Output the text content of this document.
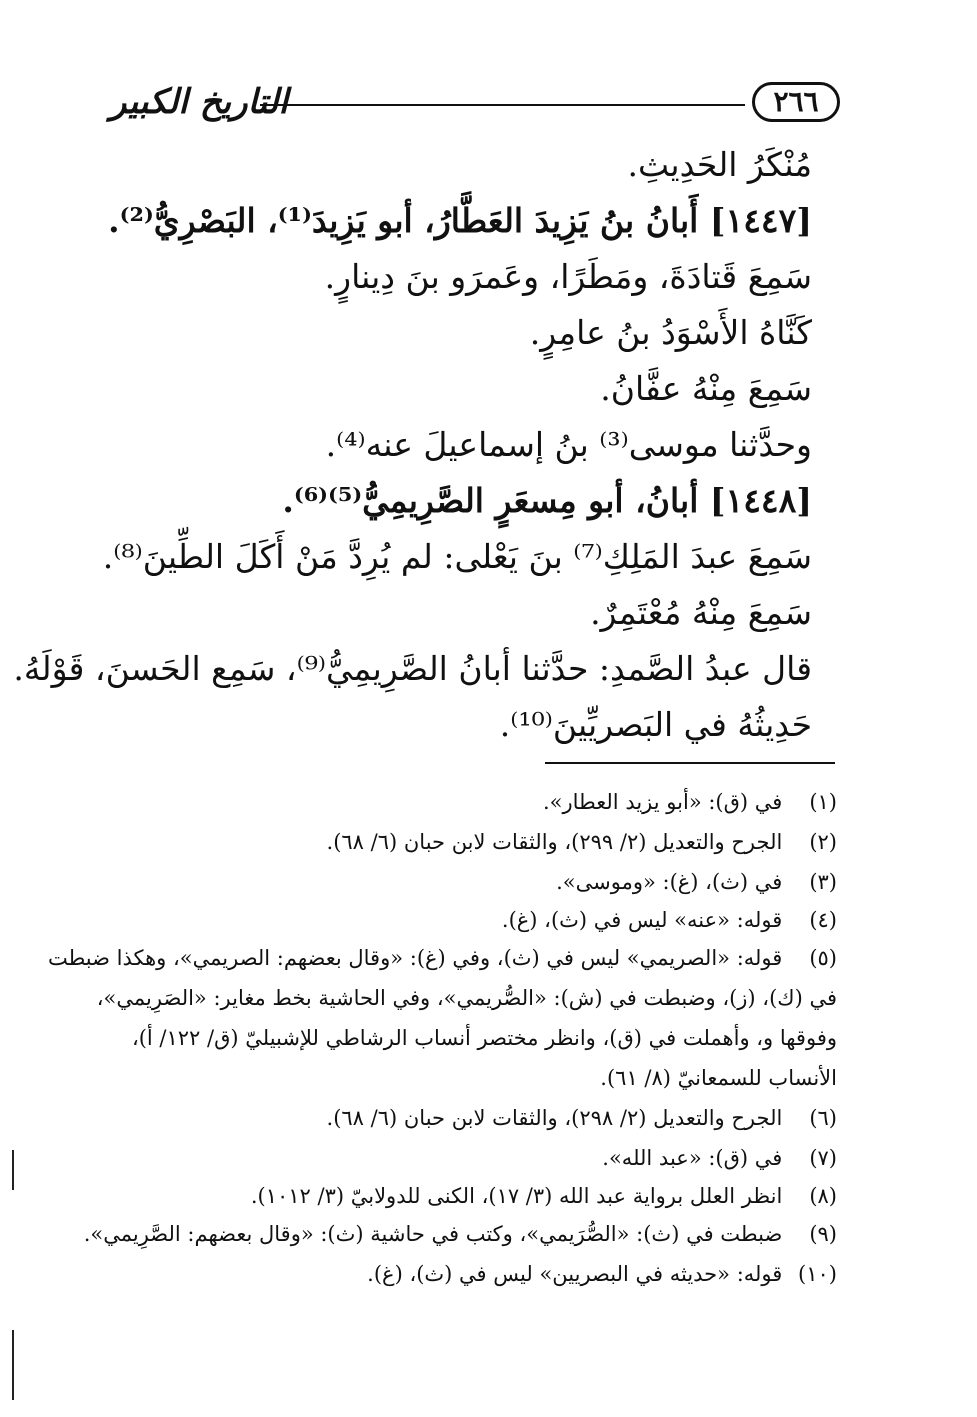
التاريخ الكبير	٢٦٦
مُنْكَرُ الحَدِيثِ.
[١٤٤٧] أَبانُ بنُ يَزِيدَ العَطَّارُ، أبو يَزِيدَ⁽¹⁾، البَصْرِيُّ⁽²⁾.
سَمِعَ قَتادَةَ، ومَطَرًا، وعَمرَو بنَ دِينارٍ.
كَنَّاهُ الأَسْوَدُ بنُ عامِرٍ.
سَمِعَ مِنْهُ عفَّانُ.
وحدَّثنا موسى⁽³⁾ بنُ إسماعيلَ عنه⁽⁴⁾.
[١٤٤٨] أبانُ، أبو مِسعَرٍ الصَّرِيمِيُّ⁽⁵⁾⁽⁶⁾.
سَمِعَ عبدَ المَلِكِ⁽⁷⁾ بنَ يَعْلى: لم يُرِدَّ مَنْ أَكَلَ الطِّينَ⁽⁸⁾.
سَمِعَ مِنْهُ مُعْتَمِرٌ.
قال عبدُ الصَّمدِ: حدَّثنا أبانُ الصَّرِيمِيُّ⁽⁹⁾، سَمِع الحَسنَ، قَوْلَهُ.
حَدِيثُهُ في البَصريِّينَ⁽¹⁰⁾.
(١) في (ق): «أبو يزيد العطار».
(٢) الجرح والتعديل (٢/ ٢٩٩)، والثقات لابن حبان (٦/ ٦٨).
(٣) في (ث)، (غ): «وموسى».
(٤) قوله: «عنه» ليس في (ث)، (غ).
(٥) قوله: «الصريمي» ليس في (ث)، وفي (غ): «وقال بعضهم: الصريمي»، وهكذا ضبطت
في (ك)، (ز)، وضبطت في (ش): «الصُّريمي»، وفي الحاشية بخط مغاير: «الصَرِيمي»،
وفوقها و، وأهملت في (ق)، وانظر مختصر أنساب الرشاطي للإشبيليّ (ق/ ١٢٢/ أ)،
الأنساب للسمعانيّ (٨/ ٦١).
(٦) الجرح والتعديل (٢/ ٢٩٨)، والثقات لابن حبان (٦/ ٦٨).
(٧) في (ق): «عبد الله».
(٨) انظر العلل برواية عبد الله (٣/ ١٧)، الكنى للدولابيّ (٣/ ١٠١٢).
(٩) ضبطت في (ث): «الصُّرَيمي»، وكتب في حاشية (ث): «وقال بعضهم: الصَّرِيمي».
(١٠) قوله: «حديثه في البصريين» ليس في (ث)، (غ).
